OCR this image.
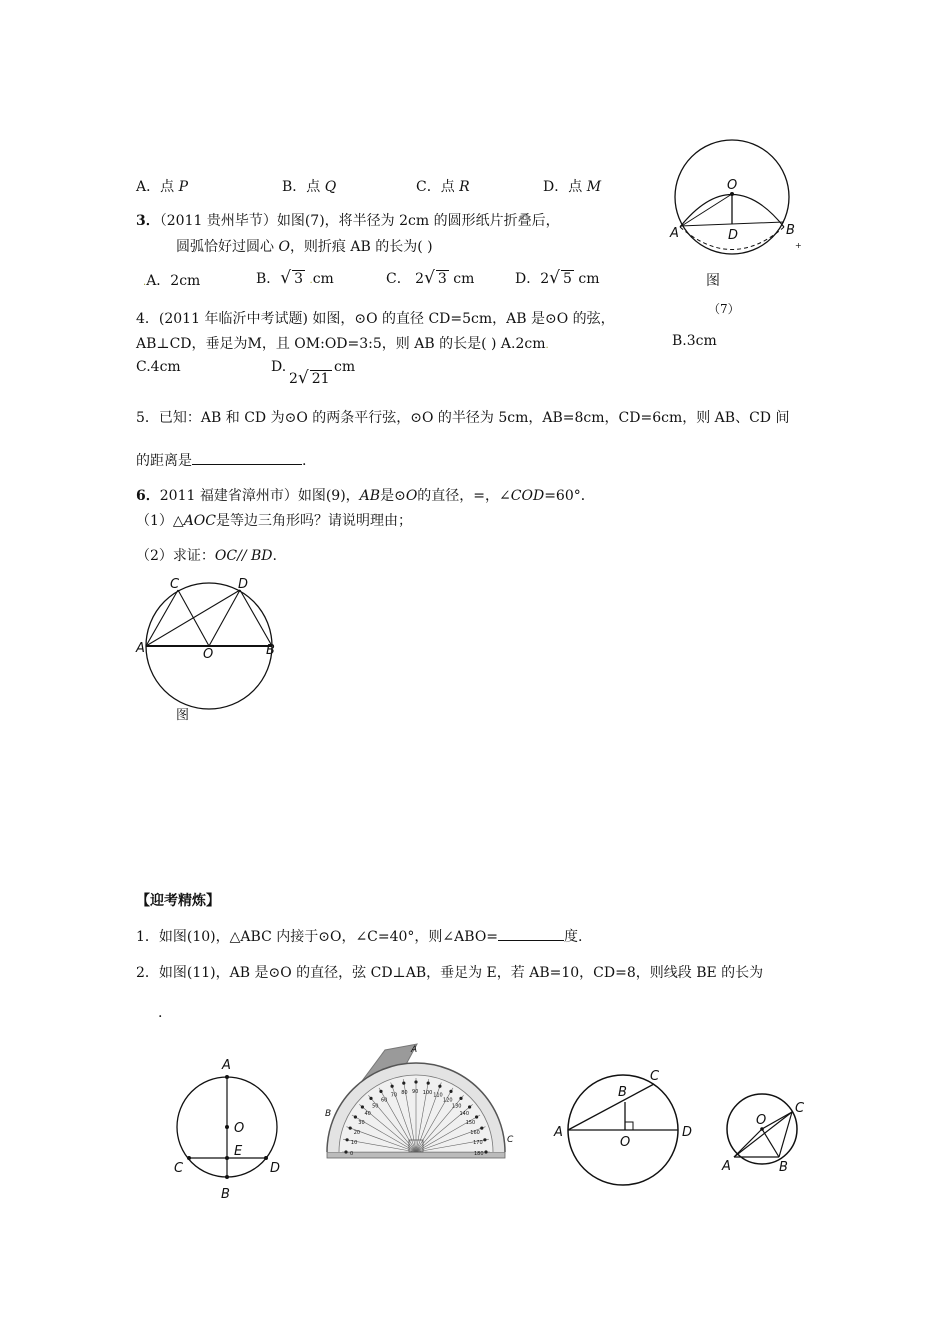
A．点 P	B．点 Q	C．点 R	D．点 M
3．（2011 贵州毕节）如图(7)，将半径为 2cm 的圆形纸片折叠后，
圆弧恰好过圆心 O，则折痕 AB 的长为( )
.A．2cm	B．√ 3 .cm	C． 2√ 3 cm	D．2√ 5 cm
O
A	D	B
+
图
（7）
4．(2011 年临沂中考试题) 如图，⊙O 的直径 CD=5cm，AB 是⊙O 的弦，
AB⊥CD，垂足为M，且 OM:OD=3:5，则 AB 的长是( ) A.2cm.	B.3cm
C.4cm	D.
2√ 21
cm
5．已知：AB 和 CD 为⊙O 的两条平行弦，⊙O 的半径为 5cm，AB=8cm，CD=6cm，则 AB、CD 间
的距离是	.
6．2011 福建省漳州市）如图(9)，AB是⊙O的直径，=，∠COD=60°．
（1）△AOC是等边三角形吗？请说明理由；
（2）求证：OC// BD.
C	D
A	O	B
图
【迎考精炼】
1．如图(10)，△ABC 内接于⊙O，∠C=40°，则∠ABO=	度.
2．如图(11)，AB 是⊙O 的直径，弦 CD⊥AB，垂足为 E，若 AB=10，CD=8，则线段 BE 的长为
.
A
O
E
C	D
B
0
10
20
30
40
50
60
70 80 90 100 110
120
130
140
150
160
170
180
A
B
C
B
C
A
O
D
O
C
A	B
